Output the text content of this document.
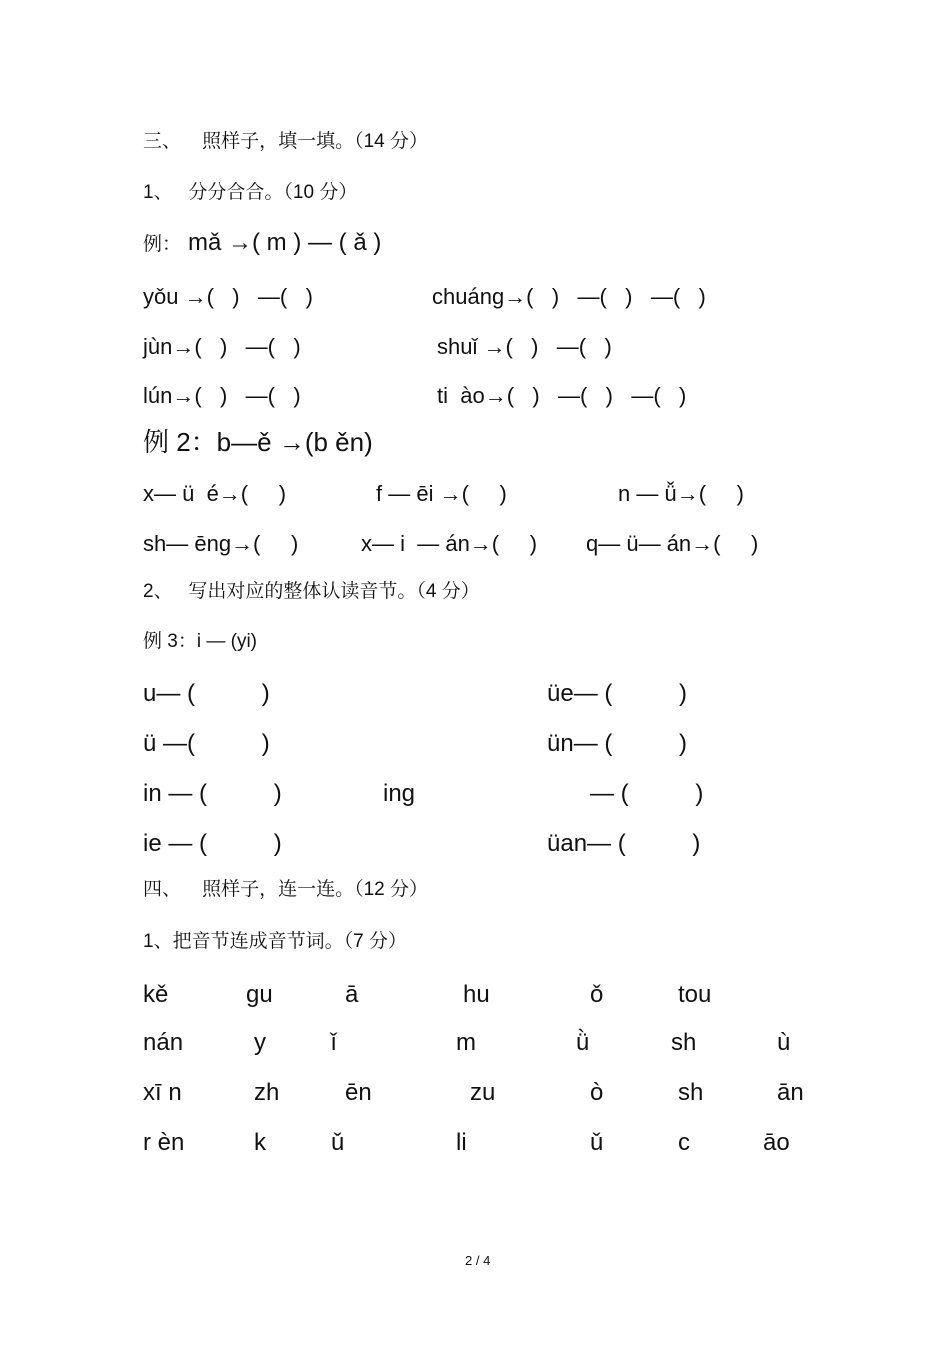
三、    照样子，填一填。（14 分）
1、   分分合合。（10 分）
例： mǎ →( m ) — ( ǎ )
yǒu →(   )   —(   )	chuáng→(   )   —(   )   —(   )
jùn→(   )   —(   )	shuǐ →(   )   —(   )
lún→(   )   —(   )	ti  ào→(   )   —(   )   —(   )
例 2：b—ě →(b ěn)
x— ü  é→(     )	f — ēi →(     )	n — ǚ→(     )
sh— ēng→(     )	x— i  — án→(     ) q— ü— án→(     )
2、   写出对应的整体认读音节。（4 分）
例 3：i — (yi)
u— (          )	üe— (          )
ü —(          )	ün— (          )
in — (          )	ing	— (          )
ie — (          )	üan— (          )
四、    照样子，连一连。（12 分）
1、把音节连成音节词。（7 分）
kě	gu	ā	hu	ǒ	tou
nán	y	ǐ	m	ǜ	sh	ù
xī n	zh	ēn	zu	ò	sh	ān
r èn	k	ǔ	li	ǔ	c	āo
2 / 4
